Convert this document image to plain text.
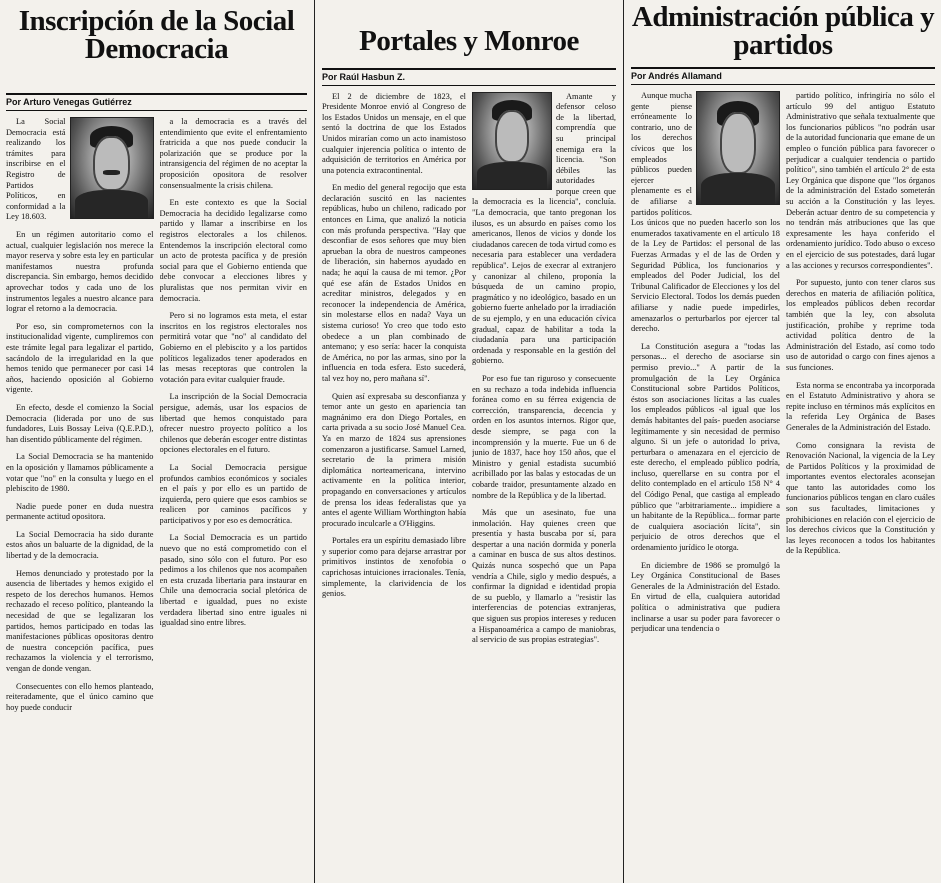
Inscripción de la Social Democracia
Por Arturo Venegas Gutiérrez

La Social Democracia está realizando los trámites para inscribirse en el Registro de Partidos Políticos, en conformidad a la Ley 18.603.

En un régimen autoritario como el actual, cualquier legislación nos merece la mayor reserva y sobre esta ley en particular manifestamos nuestra profunda discrepancia. Sin embargo, hemos decidido aprovechar todos y cada uno de los instrumentos legales a nuestro alcance para lograr el retorno a la democracia.

Por eso, sin comprometernos con la institucionalidad vigente, cumpliremos con este trámite legal para legalizar el partido, sacándolo de la irregularidad en la que hemos tenido que permanecer por casi 14 años, haciendo oposición al Gobierno vigente.

En efecto, desde el comienzo la Social Democracia (liderada por uno de sus fundadores, Luis Bossay Leiva (Q.E.P.D.), han disentido públicamente del régimen.

La Social Democracia se ha mantenido en la oposición y llamamos públicamente a votar que "no" en la consulta y luego en el plebiscito de 1980.

Nadie puede poner en duda nuestra permanente actitud opositora.

La Social Democracia ha sido durante estos años un baluarte de la dignidad, de la libertad y de la democracia.

Hemos denunciado y protestado por la ausencia de libertades y hemos exigido el respeto de los derechos humanos. Hemos rechazado el receso político, planteando la necesidad de que se legalizaran los partidos, hemos participado en todas las manifestaciones públicas opositoras dentro de nuestra concepción pacífica, pues rechazamos la violencia y el terrorismo, vengan de donde vengan.

Consecuentes con ello hemos planteado, reiteradamente, que el único camino que hoy puede conducir

a la democracia es a través del entendimiento que evite el enfrentamiento fratricida a que nos puede conducir la polarización que se produce por la intransigencia del régimen de no aceptar la proposición opositora de resolver consensualmente la crisis chilena.

En este contexto es que la Social Democracia ha decidido legalizarse como partido y llamar a inscribirse en los registros electorales a los chilenos. Entendemos la inscripción electoral como un acto de protesta pacífica y de presión social para que el Gobierno entienda que debe convocar a elecciones libres y pluralistas que nos permitan vivir en democracia.

Pero si no logramos esta meta, el estar inscritos en los registros electorales nos permitirá votar que "no" al candidato del Gobierno en el plebiscito y a los partidos políticos legalizados tener apoderados en las mesas receptoras que controlen la votación para evitar cualquier fraude.

La inscripción de la Social Democracia persigue, además, usar los espacios de libertad que hemos conquistado para ofrecer nuestro proyecto político a los chilenos que deberán escoger entre distintas opciones electorales en el futuro.

La Social Democracia persigue profundos cambios económicos y sociales en el país y por ello es un partido de izquierda, pero quiere que esos cambios se realicen por caminos pacíficos y participativos y por eso es democrática.

La Social Democracia es un partido nuevo que no está comprometido con el pasado, sino sólo con el futuro. Por eso pedimos a los chilenos que nos acompañen en esta cruzada libertaria para instaurar en Chile una democracia social pletórica de libertad e igualdad, pues no existe verdadera libertad sino entre iguales ni igualdad sino entre libres.

Portales y Monroe
Por Raúl Hasbun Z.

El 2 de diciembre de 1823, el Presidente Monroe envió al Congreso de los Estados Unidos un mensaje, en el que sentó la doctrina de que los Estados Unidos mirarían como un acto inamistoso cualquier injerencia política o intento de adquisición de territorios en América por una potencia extracontinental.

En medio del general regocijo que esta declaración suscitó en las nacientes repúblicas, hubo un chileno, radicado por entonces en Lima, que analizó la noticia con más profunda perspectiva. "Hay que desconfiar de esos señores que muy bien aprueban la obra de nuestros campeones de liberación, sin habernos ayudado en nada; he aquí la causa de mi temor. ¿Por qué ese afán de Estados Unidos en acreditar ministros, delegados y en reconocer la independencia de América, sin molestarse ellos en nada? Vaya un sistema curioso! Yo creo que todo esto obedece a un plan combinado de antemano; y eso sería: hacer la conquista de América, no por las armas, sino por la influencia en toda esfera. Esto sucederá, tal vez hoy no, pero mañana sí".

Quien así expresaba su desconfianza y temor ante un gesto en apariencia tan magnánimo era don Diego Portales, en carta privada a su socio José Manuel Cea. Ya en marzo de 1824 sus aprensiones comenzaron a justificarse. Samuel Larned, secretario de la primera misión diplomática norteamericana, intervino activamente en la política interior, propagando en conversaciones y artículos de prensa los ideas federalistas que ya antes el agente William Worthington había procurado inculcarle a O'Higgins.

Portales era un espíritu demasiado libre y superior como para dejarse arrastrar por primitivos instintos de xenofobia o caprichosas intuiciones irracionales. Tenía, simplemente, la clarividencia de los genios.

Amante y defensor celoso de la libertad, comprendía que su principal enemiga era la licencia. "Son débiles las autoridades porque creen que la democracia es la licencia", concluía. "La democracia, que tanto pregonan los ilusos, es un absurdo en países como los americanos, llenos de vicios y donde los ciudadanos carecen de toda virtud como es necesaria para establecer una verdadera república". Lejos de execrar al extranjero y canonizar al chileno, proponía la búsqueda de un camino propio, pragmático y no ideológico, basado en un gobierno fuerte anhelado por la irradiación de su ejemplo, y en una educación cívica gradual, capaz de habilitar a toda la ciudadanía para una participación ordenada y responsable en la gestión del gobierno.

Por eso fue tan riguroso y consecuente en su rechazo a toda indebida influencia foránea como en su férrea exigencia de corrección, transparencia, decencia y orden en los asuntos internos. Rigor que, desde siempre, se paga con la incomprensión y la muerte. Fue un 6 de junio de 1837, hace hoy 150 años, que el Ministro y genial estadista sucumbió acribillado por las balas y estocadas de un cobarde traidor, presuntamente alzado en nombre de la República y de la libertad.

Más que un asesinato, fue una inmolación. Hay quienes creen que presentía y hasta buscaba por sí, para despertar a una nación dormida y ponerla a caminar en busca de sus altos destinos. Quizás nunca sospechó que un Papa vendría a Chile, siglo y medio después, a confirmar la dignidad e identidad propia de su pueblo, y llamarlo a "resistir las interferencias de potencias extranjeras, que siguen sus propios intereses y reducen a Hispanoamérica a campo de maniobras, al servicio de sus propias estrategias".

Administración pública y partidos
Por Andrés Allamand

Aunque mucha gente piense erróneamente lo contrario, uno de los derechos cívicos que los empleados públicos pueden ejercer plenamente es el de afiliarse a partidos políticos. Los únicos que no pueden hacerlo son los enumerados taxativamente en el artículo 18 de la Ley de Partidos: el personal de las Fuerzas Armadas y el de las de Orden y Seguridad Pública, los funcionarios y empleados del Poder Judicial, los del Tribunal Calificador de Elecciones y los del Servicio Electoral. Todos los demás pueden afiliarse y nadie puede impedirles, amenazarlos o perturbarlos por ejercer tal derecho.

La Constitución asegura a "todas las personas... el derecho de asociarse sin permiso previo..." A partir de la promulgación de la Ley Orgánica Constitucional sobre Partidos Políticos, éstos son asociaciones lícitas a las cuales los empleados públicos -al igual que los demás habitantes del país- pueden asociarse legítimamente y sin necesidad de permiso alguno. Si un jefe o autoridad lo priva, perturbara o amenazara en el ejercicio de este derecho, el empleado público podría, incluso, querellarse en su contra por el delito contemplado en el artículo 158 N° 4 del Código Penal, que castiga al empleado público que "arbitrariamente... impidiere a un habitante de la República... formar parte de cualquiera asociación lícita", sin perjuicio de otros derechos que el ordenamiento jurídico le otorga.

En diciembre de 1986 se promulgó la Ley Orgánica Constitucional de Bases Generales de la Administración del Estado. En virtud de ella, cualquiera autoridad política o administrativa que pudiera inclinarse a usar su poder para favorecer o perjudicar una tendencia o

partido político, infringiría no sólo el artículo 99 del antiguo Estatuto Administrativo que señala textualmente que los funcionarios públicos "no podrán usar de la autoridad funcionaria que emane de un empleo o función pública para favorecer o perjudicar a cualquier tendencia o partido político", sino también el artículo 2° de esta Ley Orgánica que dispone que "los órganos de la administración del Estado someterán su acción a la Constitución y las leyes. Deberán actuar dentro de su competencia y no tendrán más atribuciones que las que expresamente les haya conferido el ordenamiento jurídico. Todo abuso o exceso en el ejercicio de sus potestades, dará lugar a las acciones y recursos correspondientes".

Por supuesto, junto con tener claros sus derechos en materia de afiliación política, los empleados públicos deben recordar también que la ley, con absoluta justificación, prohíbe y reprime toda actividad política dentro de la Administración del Estado, así como todo uso de autoridad o cargo con fines ajenos a sus funciones.

Esta norma se encontraba ya incorporada en el Estatuto Administrativo y ahora se repite incluso en términos más explícitos en la referida Ley Orgánica de Bases Generales de la Administración del Estado.

Como consignara la revista de Renovación Nacional, la vigencia de la Ley de Partidos Políticos y la proximidad de importantes eventos electorales aconsejan que tanto las autoridades como los funcionarios públicos tengan en claro cuáles son sus facultades, limitaciones y prohibiciones en relación con el ejercicio de los derechos cívicos que la Constitución y las leyes reconocen a todos los habitantes de la República.
